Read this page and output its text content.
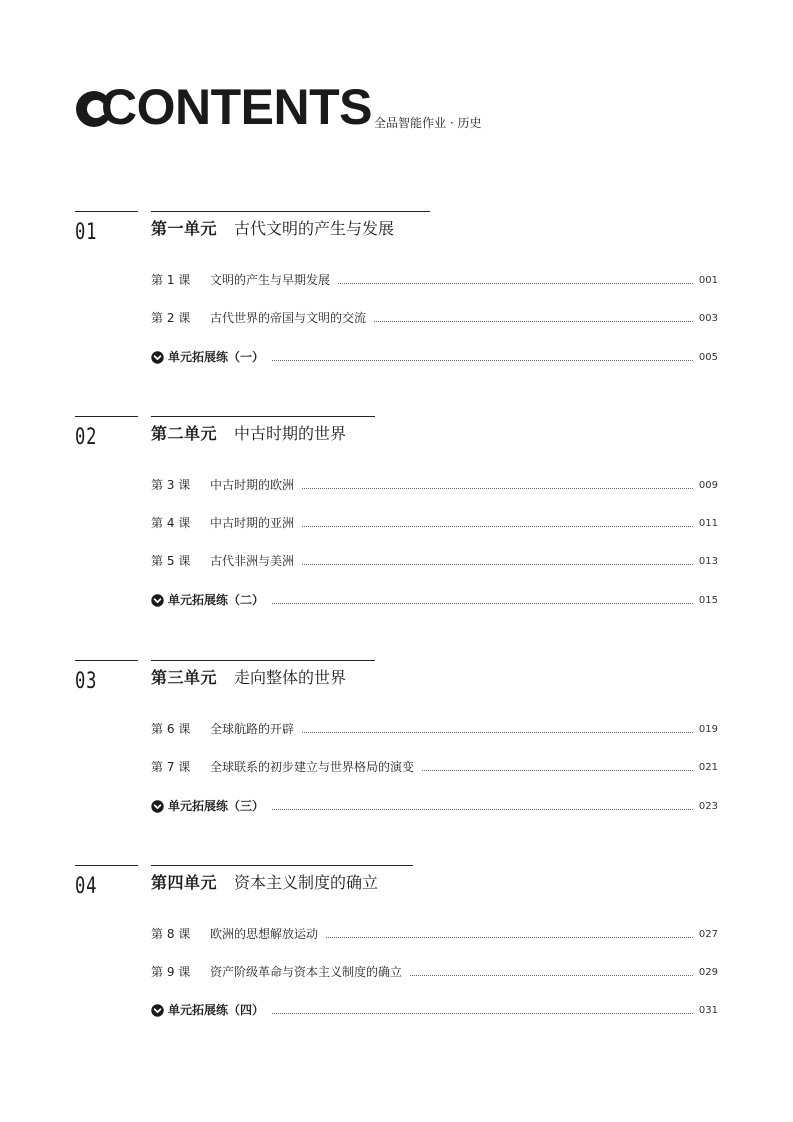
CONTENTS 全品智能作业 · 历史
01	第一单元 古代文明的产生与发展
第 1 课	文明的产生与早期发展	001
第 2 课	古代世界的帝国与文明的交流	003
单元拓展练（一）	005
02	第二单元 中古时期的世界
第 3 课	中古时期的欧洲	009
第 4 课	中古时期的亚洲	011
第 5 课	古代非洲与美洲	013
单元拓展练（二）	015
03	第三单元 走向整体的世界
第 6 课	全球航路的开辟	019
第 7 课	全球联系的初步建立与世界格局的演变	021
单元拓展练（三）	023
04	第四单元 资本主义制度的确立
第 8 课	欧洲的思想解放运动	027
第 9 课	资产阶级革命与资本主义制度的确立	029
单元拓展练（四）	031
